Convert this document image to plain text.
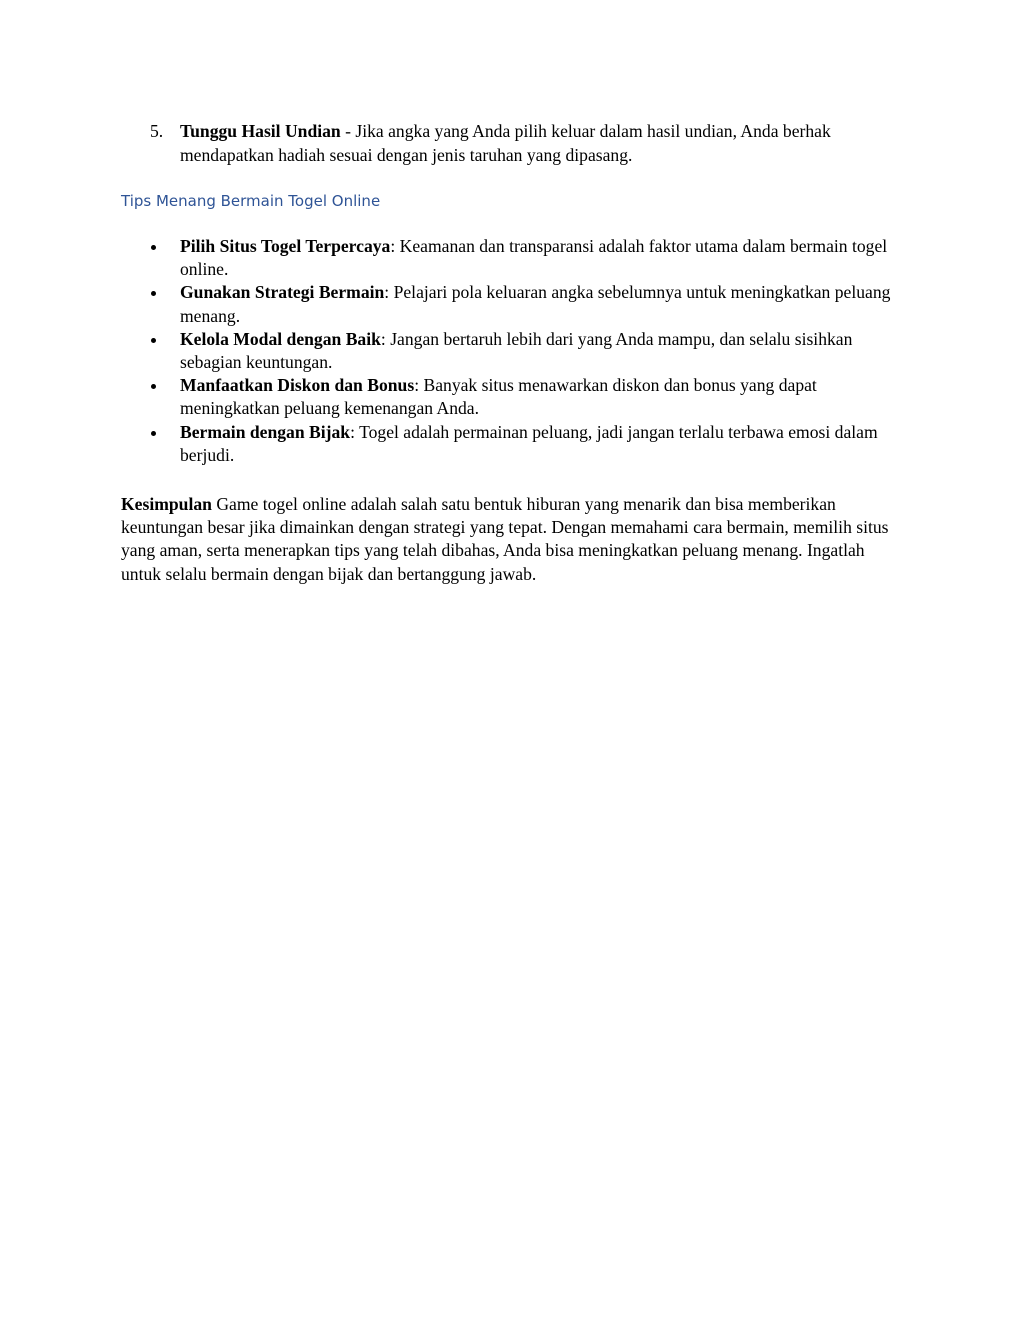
5. Tunggu Hasil Undian - Jika angka yang Anda pilih keluar dalam hasil undian, Anda berhak mendapatkan hadiah sesuai dengan jenis taruhan yang dipasang.

Tips Menang Bermain Togel Online
Pilih Situs Togel Terpercaya: Keamanan dan transparansi adalah faktor utama dalam bermain togel online.
Gunakan Strategi Bermain: Pelajari pola keluaran angka sebelumnya untuk meningkatkan peluang menang.
Kelola Modal dengan Baik: Jangan bertaruh lebih dari yang Anda mampu, dan selalu sisihkan sebagian keuntungan.
Manfaatkan Diskon dan Bonus: Banyak situs menawarkan diskon dan bonus yang dapat meningkatkan peluang kemenangan Anda.
Bermain dengan Bijak: Togel adalah permainan peluang, jadi jangan terlalu terbawa emosi dalam berjudi.

Kesimpulan Game togel online adalah salah satu bentuk hiburan yang menarik dan bisa memberikan keuntungan besar jika dimainkan dengan strategi yang tepat. Dengan memahami cara bermain, memilih situs yang aman, serta menerapkan tips yang telah dibahas, Anda bisa meningkatkan peluang menang. Ingatlah untuk selalu bermain dengan bijak dan bertanggung jawab.
